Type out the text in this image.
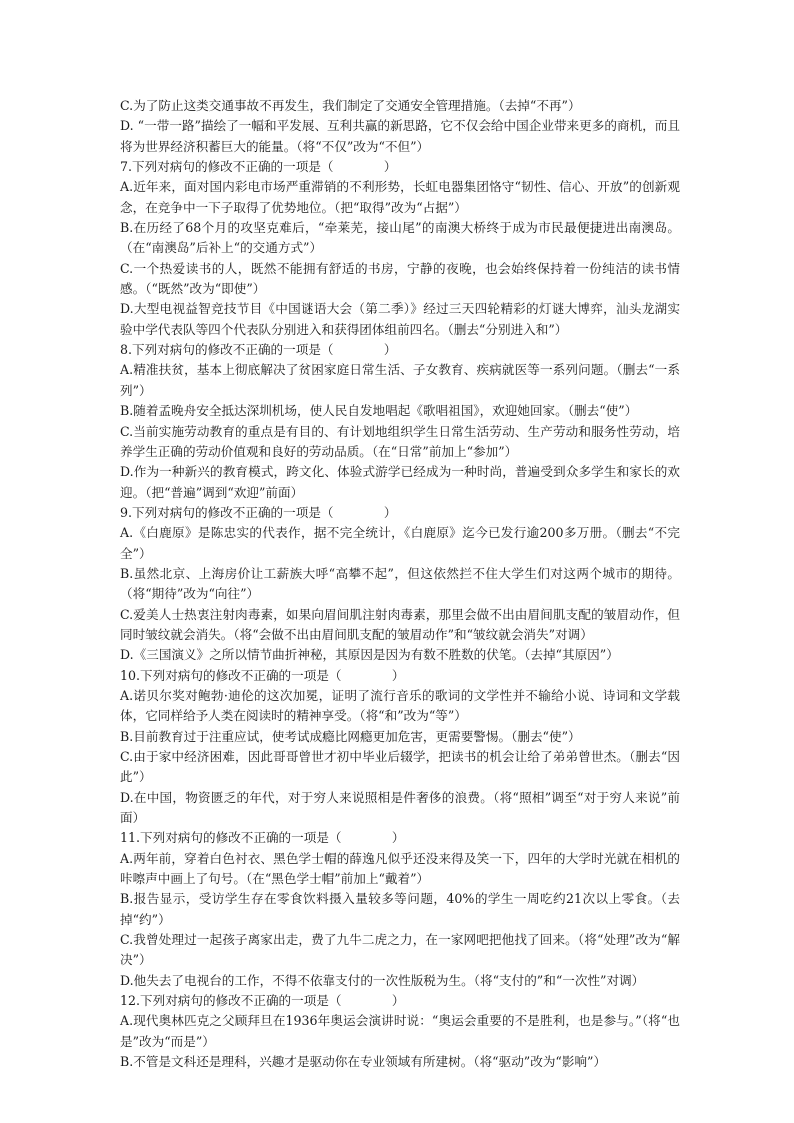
C.为了防止这类交通事故不再发生，我们制定了交通安全管理措施。（去掉“不再”）

D. “一带一路”描绘了一幅和平发展、互利共赢的新思路，它不仅会给中国企业带来更多的商机，而且将为世界经济积蓄巨大的能量。（将“不仅”改为“不但”）

7.下列对病句的修改不正确的一项是（　　　　）

A.近年来，面对国内彩电市场严重滞销的不利形势，长虹电器集团恪守“韧性、信心、开放”的创新观念，在竞争中一下子取得了优势地位。（把“取得”改为“占据”）

B.在历经了68个月的攻坚克难后，“牵莱芜，接山尾”的南澳大桥终于成为市民最便捷进出南澳岛。（在“南澳岛”后补上“的交通方式”）

C.一个热爱读书的人，既然不能拥有舒适的书房，宁静的夜晚，也会始终保持着一份纯洁的读书情感。（“既然”改为“即使”）

D.大型电视益智竞技节目《中国谜语大会（第二季）》经过三天四轮精彩的灯谜大博弈，汕头龙湖实验中学代表队等四个代表队分别进入和获得团体组前四名。（删去“分别进入和”）

8.下列对病句的修改不正确的一项是（　　　　）

A.精准扶贫，基本上彻底解决了贫困家庭日常生活、子女教育、疾病就医等一系列问题。（删去“一系列”）

B.随着孟晚舟安全抵达深圳机场，使人民自发地唱起《歌唱祖国》，欢迎她回家。（删去“使”）

C.当前实施劳动教育的重点是有目的、有计划地组织学生日常生活劳动、生产劳动和服务性劳动，培养学生正确的劳动价值观和良好的劳动品质。（在“日常”前加上“参加”）

D.作为一种新兴的教育模式，跨文化、体验式游学已经成为一种时尚，普遍受到众多学生和家长的欢迎。（把“普遍”调到“欢迎”前面）

9.下列对病句的修改不正确的一项是（　　　　）

A.《白鹿原》是陈忠实的代表作，据不完全统计，《白鹿原》迄今已发行逾200多万册。（删去“不完全”）

B.虽然北京、上海房价让工薪族大呼“高攀不起”，但这依然拦不住大学生们对这两个城市的期待。（将“期待”改为“向往”）

C.爱美人士热衷注射肉毒素，如果向眉间肌注射肉毒素，那里会做不出由眉间肌支配的皱眉动作，但同时皱纹就会消失。（将“会做不出由眉间肌支配的皱眉动作”和“皱纹就会消失”对调）

D.《三国演义》之所以情节曲折神秘，其原因是因为有数不胜数的伏笔。（去掉“其原因”）

10.下列对病句的修改不正确的一项是（　　　　）

A.诺贝尔奖对鲍勃·迪伦的这次加冕，证明了流行音乐的歌词的文学性并不输给小说、诗词和文学载体，它同样给予人类在阅读时的精神享受。（将“和”改为“等”）

B.目前教育过于注重应试，使考试成瘾比网瘾更加危害，更需要警惕。（删去“使”）

C.由于家中经济困难，因此哥哥曾世才初中毕业后辍学，把读书的机会让给了弟弟曾世杰。（删去“因此”）

D.在中国，物资匮乏的年代，对于穷人来说照相是件奢侈的浪费。（将“照相”调至“对于穷人来说”前面）

11.下列对病句的修改不正确的一项是（　　　　）

A.两年前，穿着白色衬衣、黑色学士帽的薛逸凡似乎还没来得及笑一下，四年的大学时光就在相机的咔嚓声中画上了句号。（在“黑色学士帽”前加上“戴着”）

B.报告显示，受访学生存在零食饮料摄入量较多等问题，40%的学生一周吃约21次以上零食。（去掉“约”）

C.我曾处理过一起孩子离家出走，费了九牛二虎之力，在一家网吧把他找了回来。（将“处理”改为“解决”）

D.他失去了电视台的工作，不得不依靠支付的一次性版税为生。（将“支付的”和“一次性”对调）

12.下列对病句的修改不正确的一项是（　　　　）

A.现代奥林匹克之父顾拜旦在1936年奥运会演讲时说：“奥运会重要的不是胜利，也是参与。”（将“也是”改为“而是”）

B.不管是文科还是理科，兴趣才是驱动你在专业领域有所建树。（将“驱动”改为“影响”）
